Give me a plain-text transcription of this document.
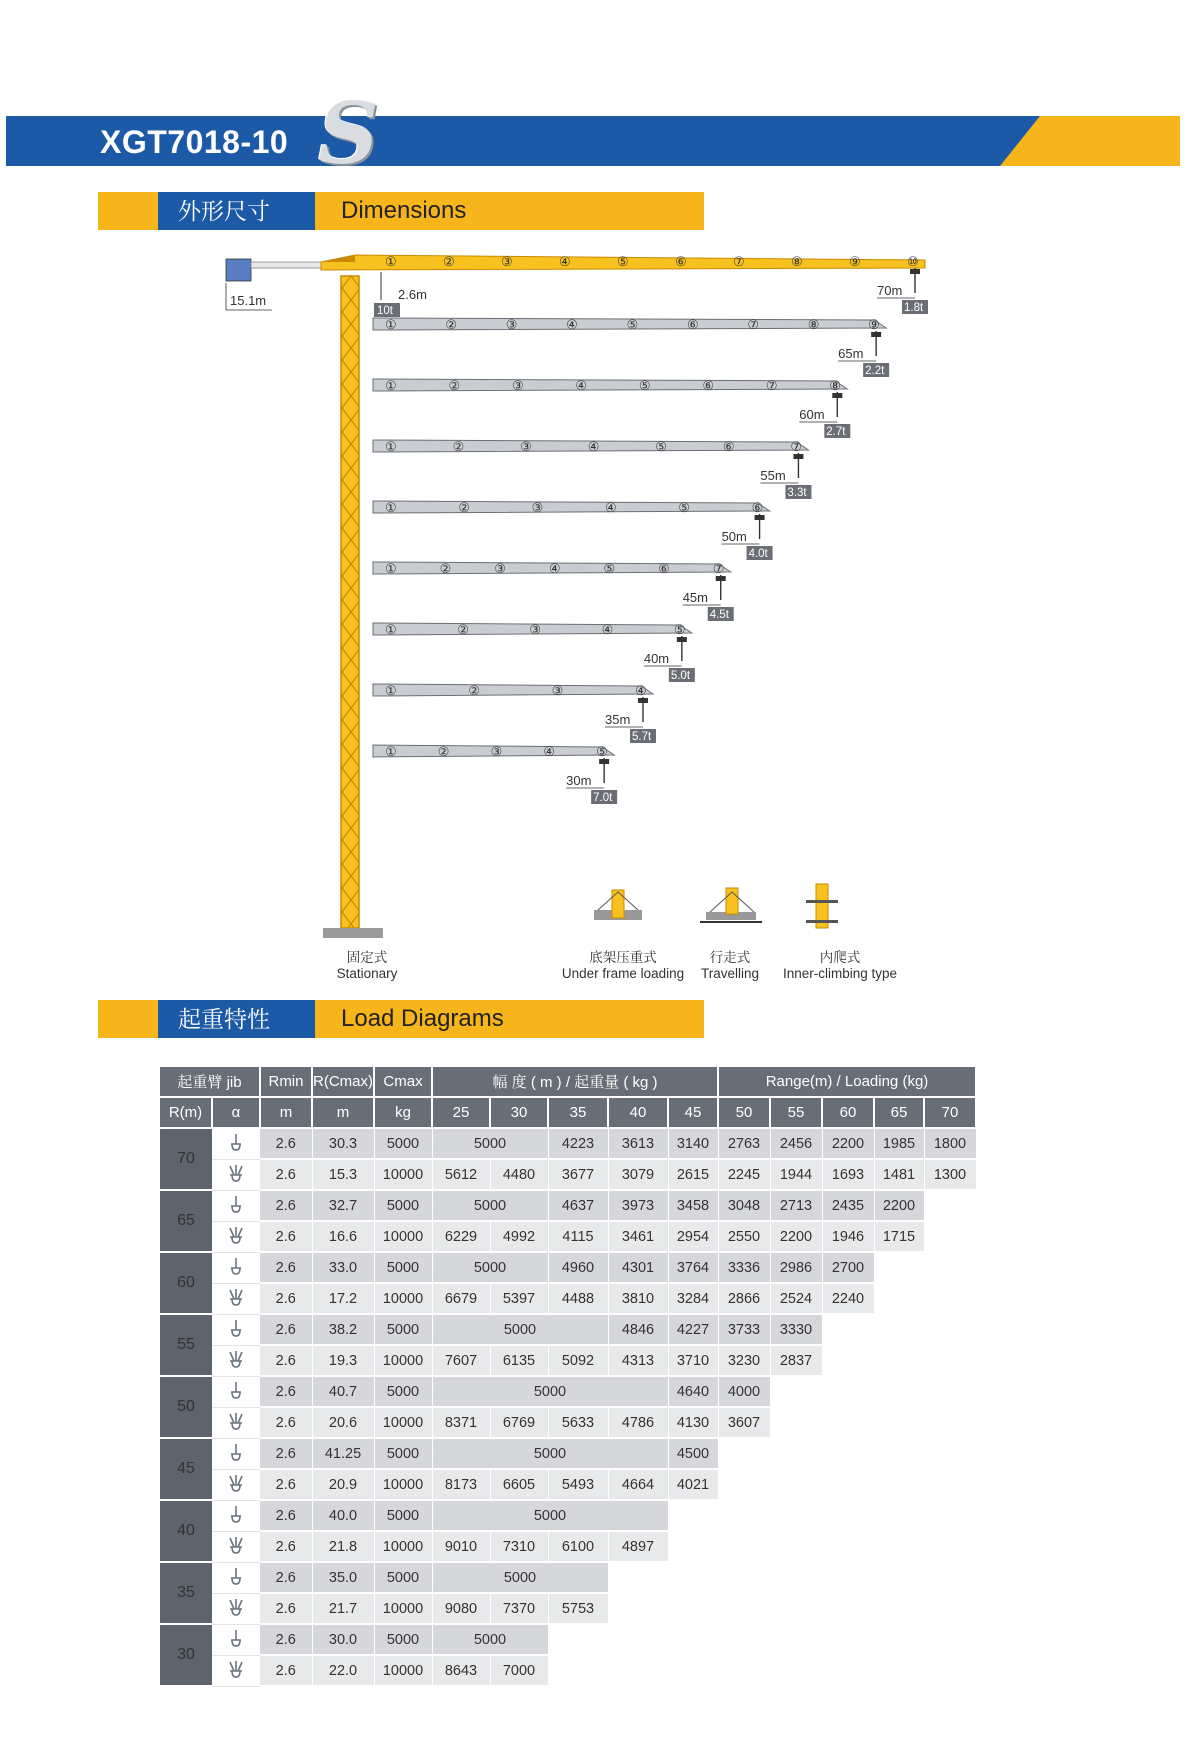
XGT7018-10 S
外形尺寸	Dimensions
15.1m
①	②	③	④	⑤	⑥	⑦	⑧	⑨	⑩
70m
1.8t
①	②	③	④	⑤	⑥	⑦	⑧	⑨
65m
2.2t
①	②	③	④	⑤	⑥	⑦	⑧
60m
2.7t
①	②	③	④	⑤	⑥	⑦
55m
3.3t
①	②	③	④	⑤	⑥
50m
4.0t
①	②	③	④	⑤	⑥	⑦
45m
4.5t
①	②	③	④	⑤
40m
5.0t
①	②	③	④
35m
5.7t
①	②	③	④	⑤
30m
7.0t
2.6m
10t
固定式
Stationary
底架压重式
Under frame loading
行走式
Travelling
内爬式
Inner-climbing type
起重特性	Load Diagrams
起重臂 jib		Rmin	R(Cmax)	Cmax	幅 度 ( m ) / 起重量 ( kg )					Range(m) / Loading (kg)				
R(m)	α	m	m	kg	25	30	35	40	45	50	55	60	65	70
70		2.6	30.3	5000	5000		4223	3613	3140	2763	2456	2200	1985	1800
	2.6	15.3	10000	5612	4480	3677	3079	2615	2245	1944	1693	1481	1300
65		2.6	32.7	5000	5000		4637	3973	3458	3048	2713	2435	2200	
	2.6	16.6	10000	6229	4992	4115	3461	2954	2550	2200	1946	1715	
60		2.6	33.0	5000	5000		4960	4301	3764	3336	2986	2700		
	2.6	17.2	10000	6679	5397	4488	3810	3284	2866	2524	2240		
55		2.6	38.2	5000	5000			4846	4227	3733	3330			
	2.6	19.3	10000	7607	6135	5092	4313	3710	3230	2837			
50		2.6	40.7	5000	5000				4640	4000				
	2.6	20.6	10000	8371	6769	5633	4786	4130	3607				
45		2.6	41.25	5000	5000				4500					
	2.6	20.9	10000	8173	6605	5493	4664	4021					
40		2.6	40.0	5000	5000									
	2.6	21.8	10000	9010	7310	6100	4897						
35		2.6	35.0	5000	5000									
	2.6	21.7	10000	9080	7370	5753							
30		2.6	30.0	5000	5000									
	2.6	22.0	10000	8643	7000								
